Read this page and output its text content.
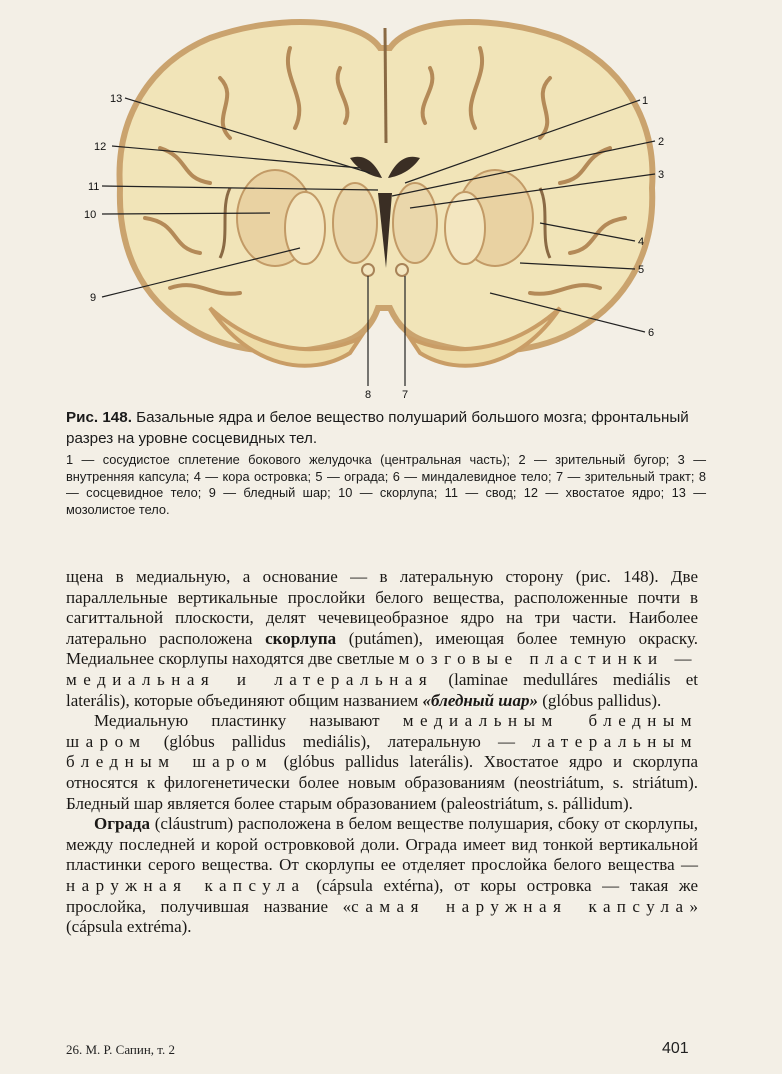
1
2
3
4
5
6
7
8
9
10
11
12
13
Рис. 148. Базальные ядра и белое вещество полушарий большого мозга; фронтальный разрез на уровне сосцевидных тел.
1 — сосудистое сплетение бокового желудочка (центральная часть); 2 — зрительный бугор; 3 — внутренняя капсула; 4 — кора островка; 5 — ограда; 6 — миндалевидное тело; 7 — зрительный тракт; 8 — сосцевидное тело; 9 — бледный шар; 10 — скорлупа; 11 — свод; 12 — хвостатое ядро; 13 — мозолистое тело.

щена в медиальную, а основание — в латеральную сторону (рис. 148). Две параллельные вертикальные прослойки белого вещества, расположенные почти в сагиттальной плоскости, делят чечевицеобразное ядро на три части. Наиболее латерально расположена скорлупа (putámen), имеющая более темную окраску. Медиальнее скорлупы находятся две светлые мозговые пластинки — медиальная и латеральная (laminae medulláres mediális et laterális), которые объединяют общим названием «бледный шар» (glóbus pallidus).

Медиальную пластинку называют медиальным бледным шаром (glóbus pallidus mediális), латеральную — латеральным бледным шаром (glóbus pallidus laterális). Хвостатое ядро и скорлупа относятся к филогенетически более новым образованиям (neostriátum, s. striátum). Бледный шар является более старым образованием (paleostriátum, s. pállidum).

Ограда (cláustrum) расположена в белом веществе полушария, сбоку от скорлупы, между последней и корой островковой доли. Ограда имеет вид тонкой вертикальной пластинки серого вещества. От скорлупы ее отделяет прослойка белого вещества — наружная капсула (cápsula extérna), от коры островка — такая же прослойка, получившая название «самая наружная капсула» (cápsula extréma).

26. М. Р. Сапин, т. 2	401
